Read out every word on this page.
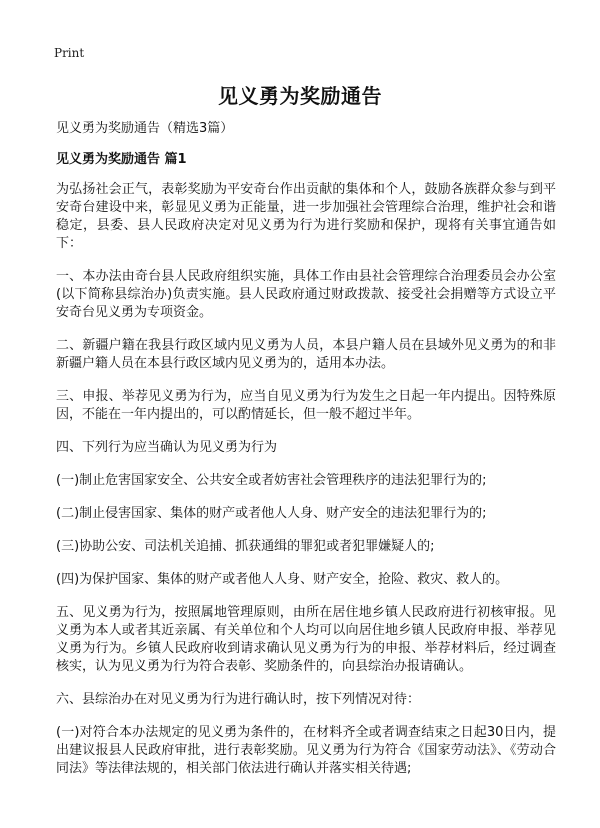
Print
见义勇为奖励通告
见义勇为奖励通告（精选3篇）
见义勇为奖励通告 篇1

为弘扬社会正气，表彰奖励为平安奇台作出贡献的集体和个人，鼓励各族群众参与到平安奇台建设中来，彰显见义勇为正能量，进一步加强社会管理综合治理，维护社会和谐稳定，县委、县人民政府决定对见义勇为行为进行奖励和保护，现将有关事宜通告如下：

一、本办法由奇台县人民政府组织实施，具体工作由县社会管理综合治理委员会办公室(以下简称县综治办)负责实施。县人民政府通过财政拨款、接受社会捐赠等方式设立平安奇台见义勇为专项资金。

二、新疆户籍在我县行政区域内见义勇为人员，本县户籍人员在县域外见义勇为的和非新疆户籍人员在本县行政区域内见义勇为的，适用本办法。

三、申报、举荐见义勇为行为，应当自见义勇为行为发生之日起一年内提出。因特殊原因，不能在一年内提出的，可以酌情延长，但一般不超过半年。

四、下列行为应当确认为见义勇为行为

(一)制止危害国家安全、公共安全或者妨害社会管理秩序的违法犯罪行为的;

(二)制止侵害国家、集体的财产或者他人人身、财产安全的违法犯罪行为的;

(三)协助公安、司法机关追捕、抓获通缉的罪犯或者犯罪嫌疑人的;

(四)为保护国家、集体的财产或者他人人身、财产安全，抢险、救灾、救人的。

五、见义勇为行为，按照属地管理原则，由所在居住地乡镇人民政府进行初核审报。见义勇为本人或者其近亲属、有关单位和个人均可以向居住地乡镇人民政府申报、举荐见义勇为行为。乡镇人民政府收到请求确认见义勇为行为的申报、举荐材料后，经过调查核实，认为见义勇为行为符合表彰、奖励条件的，向县综治办报请确认。

六、县综治办在对见义勇为行为进行确认时，按下列情况对待：

(一)对符合本办法规定的见义勇为条件的，在材料齐全或者调查结束之日起30日内，提出建议报县人民政府审批，进行表彰奖励。见义勇为行为符合《国家劳动法》、《劳动合同法》等法律法规的，相关部门依法进行确认并落实相关待遇;
